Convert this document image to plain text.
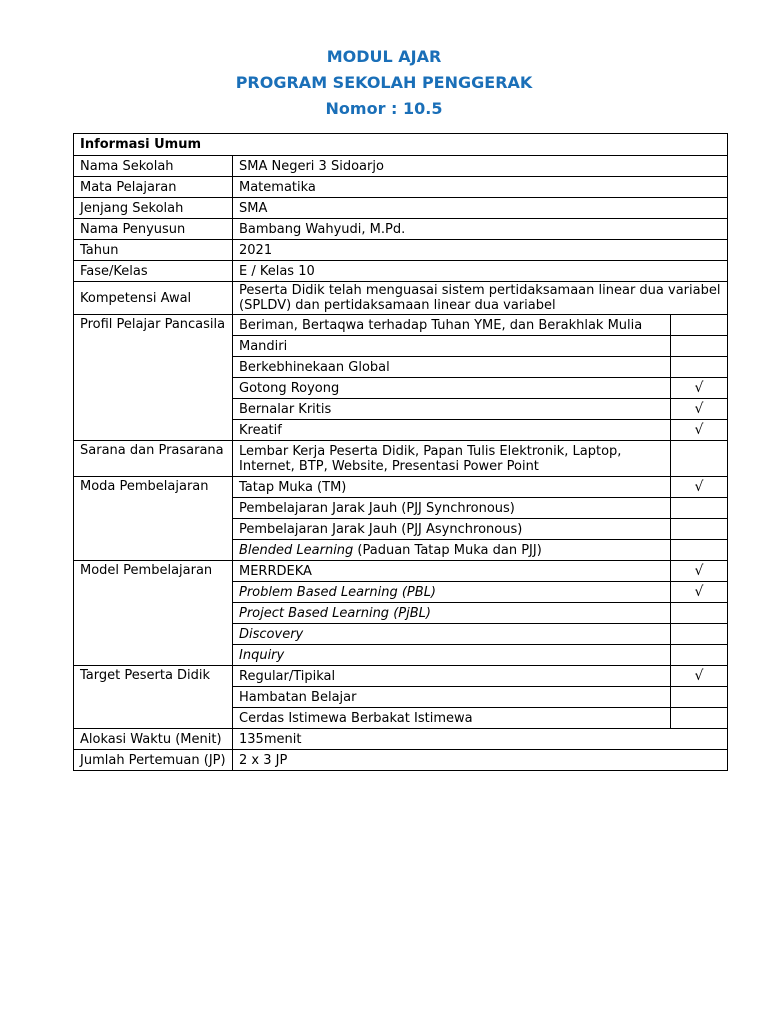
MODUL AJAR
PROGRAM SEKOLAH PENGGERAK
Nomor : 10.5
Informasi Umum		
Nama Sekolah	SMA Negeri 3 Sidoarjo	
Mata Pelajaran	Matematika	
Jenjang Sekolah	SMA	
Nama Penyusun	Bambang Wahyudi, M.Pd.	
Tahun	2021	
Fase/Kelas	E / Kelas 10	
Kompetensi Awal	Peserta Didik telah menguasai sistem pertidaksamaan linear dua variabel (SPLDV) dan pertidaksamaan linear dua variabel	
Profil Pelajar Pancasila	Beriman, Bertaqwa terhadap Tuhan YME, dan Berakhlak Mulia	
	Mandiri	
	Berkebhinekaan Global	
	Gotong Royong	√
	Bernalar Kritis	√
	Kreatif	√
Sarana dan Prasarana	Lembar Kerja Peserta Didik, Papan Tulis Elektronik, Laptop, Internet, BTP, Website, Presentasi Power Point	
Moda Pembelajaran	Tatap Muka (TM)	√
	Pembelajaran Jarak Jauh (PJJ Synchronous)	
	Pembelajaran Jarak Jauh (PJJ Asynchronous)	
	Blended Learning (Paduan Tatap Muka dan PJJ)	
Model Pembelajaran	MERRDEKA	√
	Problem Based Learning (PBL)	√
	Project Based Learning (PjBL)	
	Discovery	
	Inquiry	
Target Peserta Didik	Regular/Tipikal	√
	Hambatan Belajar	
	Cerdas Istimewa Berbakat Istimewa	
Alokasi Waktu (Menit)	135menit	
Jumlah Pertemuan (JP)	2 x 3 JP	
